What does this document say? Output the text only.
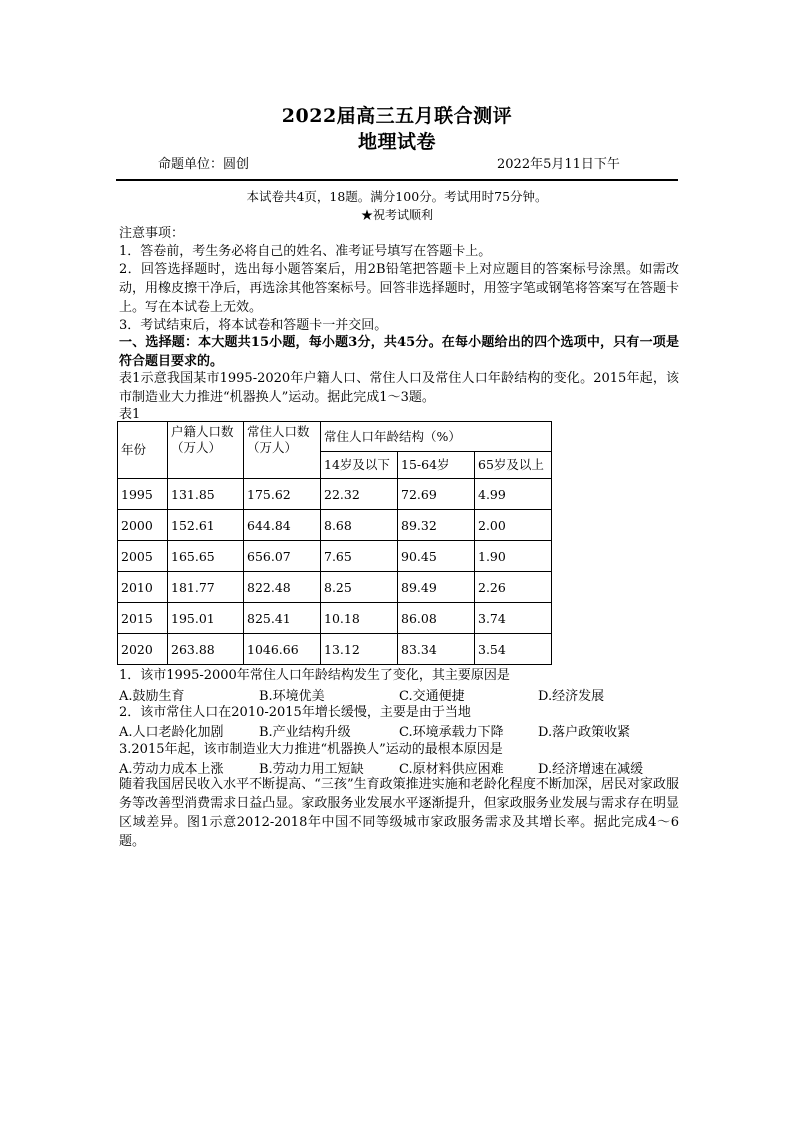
2022届高三五月联合测评
地理试卷
命题单位：圆创	2022年5月11日下午
本试卷共4页，18题。满分100分。考试用时75分钟。
★祝考试顺利

注意事项：

1．答卷前，考生务必将自己的姓名、准考证号填写在答题卡上。

2．回答选择题时，选出每小题答案后，用2B铅笔把答题卡上对应题目的答案标号涂黑。如需改动，用橡皮擦干净后，再选涂其他答案标号。回答非选择题时，用签字笔或钢笔将答案写在答题卡上。写在本试卷上无效。

3．考试结束后，将本试卷和答题卡一并交回。

一、选择题：本大题共15小题，每小题3分，共45分。在每小题给出的四个选项中，只有一项是符合题目要求的。

表1示意我国某市1995-2020年户籍人口、常住人口及常住人口年龄结构的变化。2015年起，该市制造业大力推进“机器换人”运动。据此完成1～3题。

表1

年份	户籍人口数（万人）	常住人口数（万人）	常住人口年龄结构（%）		
			14岁及以下	15-64岁	65岁及以上
1995	131.85	175.62	22.32	72.69	4.99
2000	152.61	644.84	8.68	89.32	2.00
2005	165.65	656.07	7.65	90.45	1.90
2010	181.77	822.48	8.25	89.49	2.26
2015	195.01	825.41	10.18	86.08	3.74
2020	263.88	1046.66	13.12	83.34	3.54

1．该市1995-2000年常住人口年龄结构发生了变化，其主要原因是

A.鼓励生育	B.环境优美	C.交通便捷	D.经济发展

2．该市常住人口在2010-2015年增长缓慢，主要是由于当地

A.人口老龄化加剧	B.产业结构升级	C.环境承载力下降	D.落户政策收紧

3.2015年起，该市制造业大力推进“机器换人”运动的最根本原因是

A.劳动力成本上涨	B.劳动力用工短缺	C.原材料供应困难	D.经济增速在减缓

随着我国居民收入水平不断提高、“三孩”生育政策推进实施和老龄化程度不断加深，居民对家政服务等改善型消费需求日益凸显。家政服务业发展水平逐渐提升，但家政服务业发展与需求存在明显区域差异。图1示意2012-2018年中国不同等级城市家政服务需求及其增长率。据此完成4～6题。
